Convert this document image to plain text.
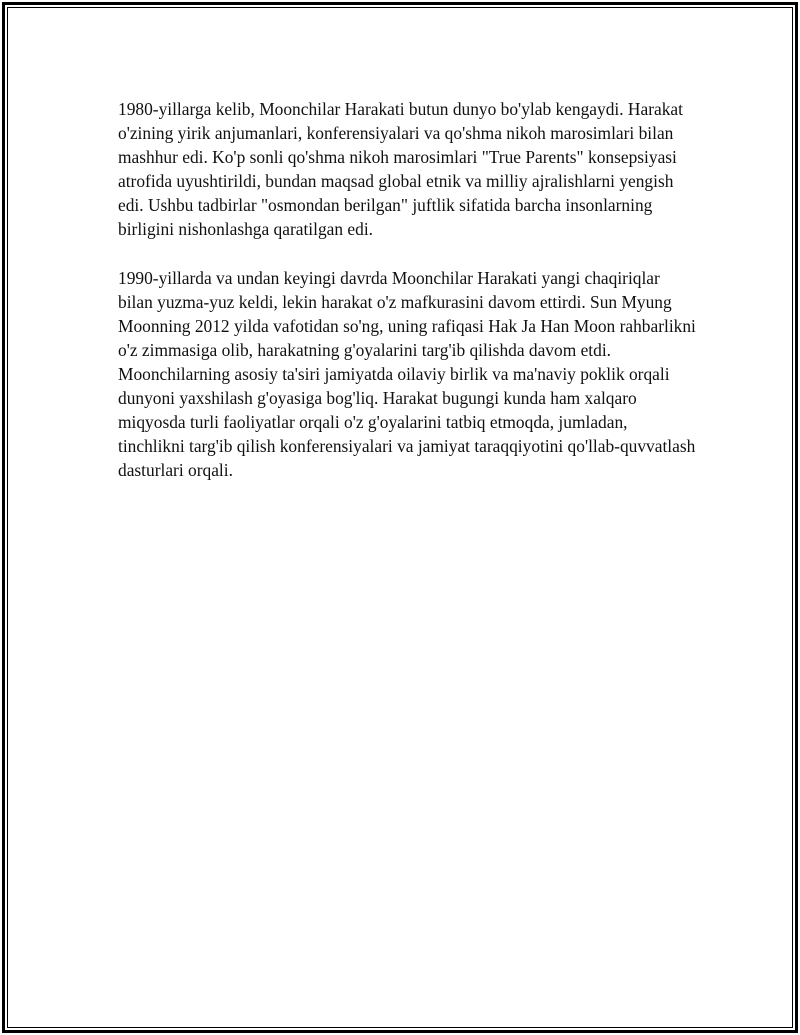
1980-yillarga kelib, Moonchilar Harakati butun dunyo bo'ylab kengaydi. Harakat o'zining yirik anjumanlari, konferensiyalari va qo'shma nikoh marosimlari bilan mashhur edi. Ko'p sonli qo'shma nikoh marosimlari "True Parents" konsepsiyasi atrofida uyushtirildi, bundan maqsad global etnik va milliy ajralishlarni yengish edi. Ushbu tadbirlar "osmondan berilgan" juftlik sifatida barcha insonlarning birligini nishonlashga qaratilgan edi.

1990-yillarda va undan keyingi davrda Moonchilar Harakati yangi chaqiriqlar bilan yuzma-yuz keldi, lekin harakat o'z mafkurasini davom ettirdi. Sun Myung Moonning 2012 yilda vafotidan so'ng, uning rafiqasi Hak Ja Han Moon rahbarlikni o'z zimmasiga olib, harakatning g'oyalarini targ'ib qilishda davom etdi. Moonchilarning asosiy ta'siri jamiyatda oilaviy birlik va ma'naviy poklik orqali dunyoni yaxshilash g'oyasiga bog'liq. Harakat bugungi kunda ham xalqaro miqyosda turli faoliyatlar orqali o'z g'oyalarini tatbiq etmoqda, jumladan, tinchlikni targ'ib qilish konferensiyalari va jamiyat taraqqiyotini qo'llab-quvvatlash dasturlari orqali.
